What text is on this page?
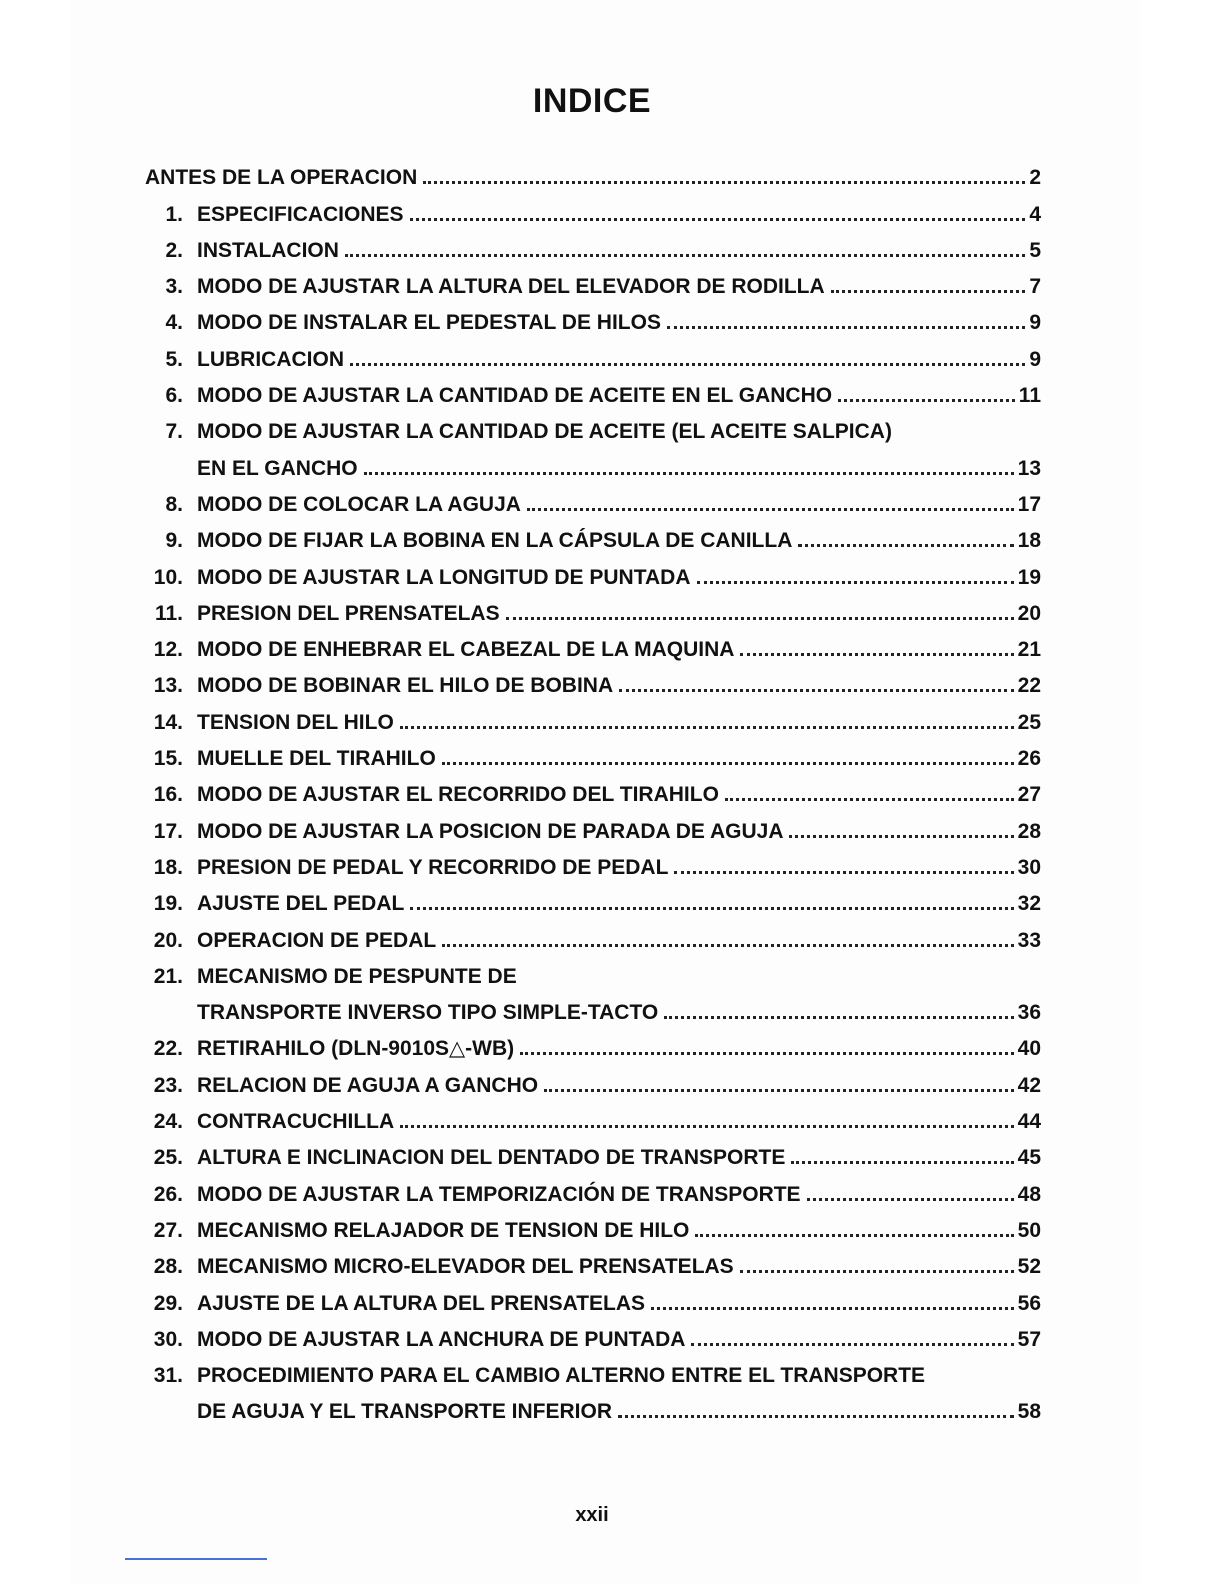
INDICE
ANTES DE LA OPERACION	2
1. ESPECIFICACIONES	4
2. INSTALACION	5
3. MODO DE AJUSTAR LA ALTURA DEL ELEVADOR DE RODILLA	7
4. MODO DE INSTALAR EL PEDESTAL DE HILOS	9
5. LUBRICACION	9
6. MODO DE AJUSTAR LA CANTIDAD DE ACEITE EN EL GANCHO	11
7. MODO DE AJUSTAR LA CANTIDAD DE ACEITE (EL ACEITE SALPICA)
EN EL GANCHO	13
8. MODO DE COLOCAR LA AGUJA	17
9. MODO DE FIJAR LA BOBINA EN LA CÁPSULA DE CANILLA	18
10. MODO DE AJUSTAR LA LONGITUD DE PUNTADA	19
11. PRESION DEL PRENSATELAS	20
12. MODO DE ENHEBRAR EL CABEZAL DE LA MAQUINA	21
13. MODO DE BOBINAR EL HILO DE BOBINA	22
14. TENSION DEL HILO	25
15. MUELLE DEL TIRAHILO	26
16. MODO DE AJUSTAR EL RECORRIDO DEL TIRAHILO	27
17. MODO DE AJUSTAR LA POSICION DE PARADA DE AGUJA	28
18. PRESION DE PEDAL Y RECORRIDO DE PEDAL	30
19. AJUSTE DEL PEDAL	32
20. OPERACION DE PEDAL	33
21. MECANISMO DE PESPUNTE DE
TRANSPORTE INVERSO TIPO SIMPLE-TACTO	36
22. RETIRAHILO (DLN-9010S△-WB)	40
23. RELACION DE AGUJA A GANCHO	42
24. CONTRACUCHILLA	44
25. ALTURA E INCLINACION DEL DENTADO DE TRANSPORTE	45
26. MODO DE AJUSTAR LA TEMPORIZACIÓN DE TRANSPORTE	48
27. MECANISMO RELAJADOR DE TENSION DE HILO	50
28. MECANISMO MICRO-ELEVADOR DEL PRENSATELAS	52
29. AJUSTE DE LA ALTURA DEL PRENSATELAS	56
30. MODO DE AJUSTAR LA ANCHURA DE PUNTADA	57
31. PROCEDIMIENTO PARA EL CAMBIO ALTERNO ENTRE EL TRANSPORTE
DE AGUJA Y EL TRANSPORTE INFERIOR	58
xxii
